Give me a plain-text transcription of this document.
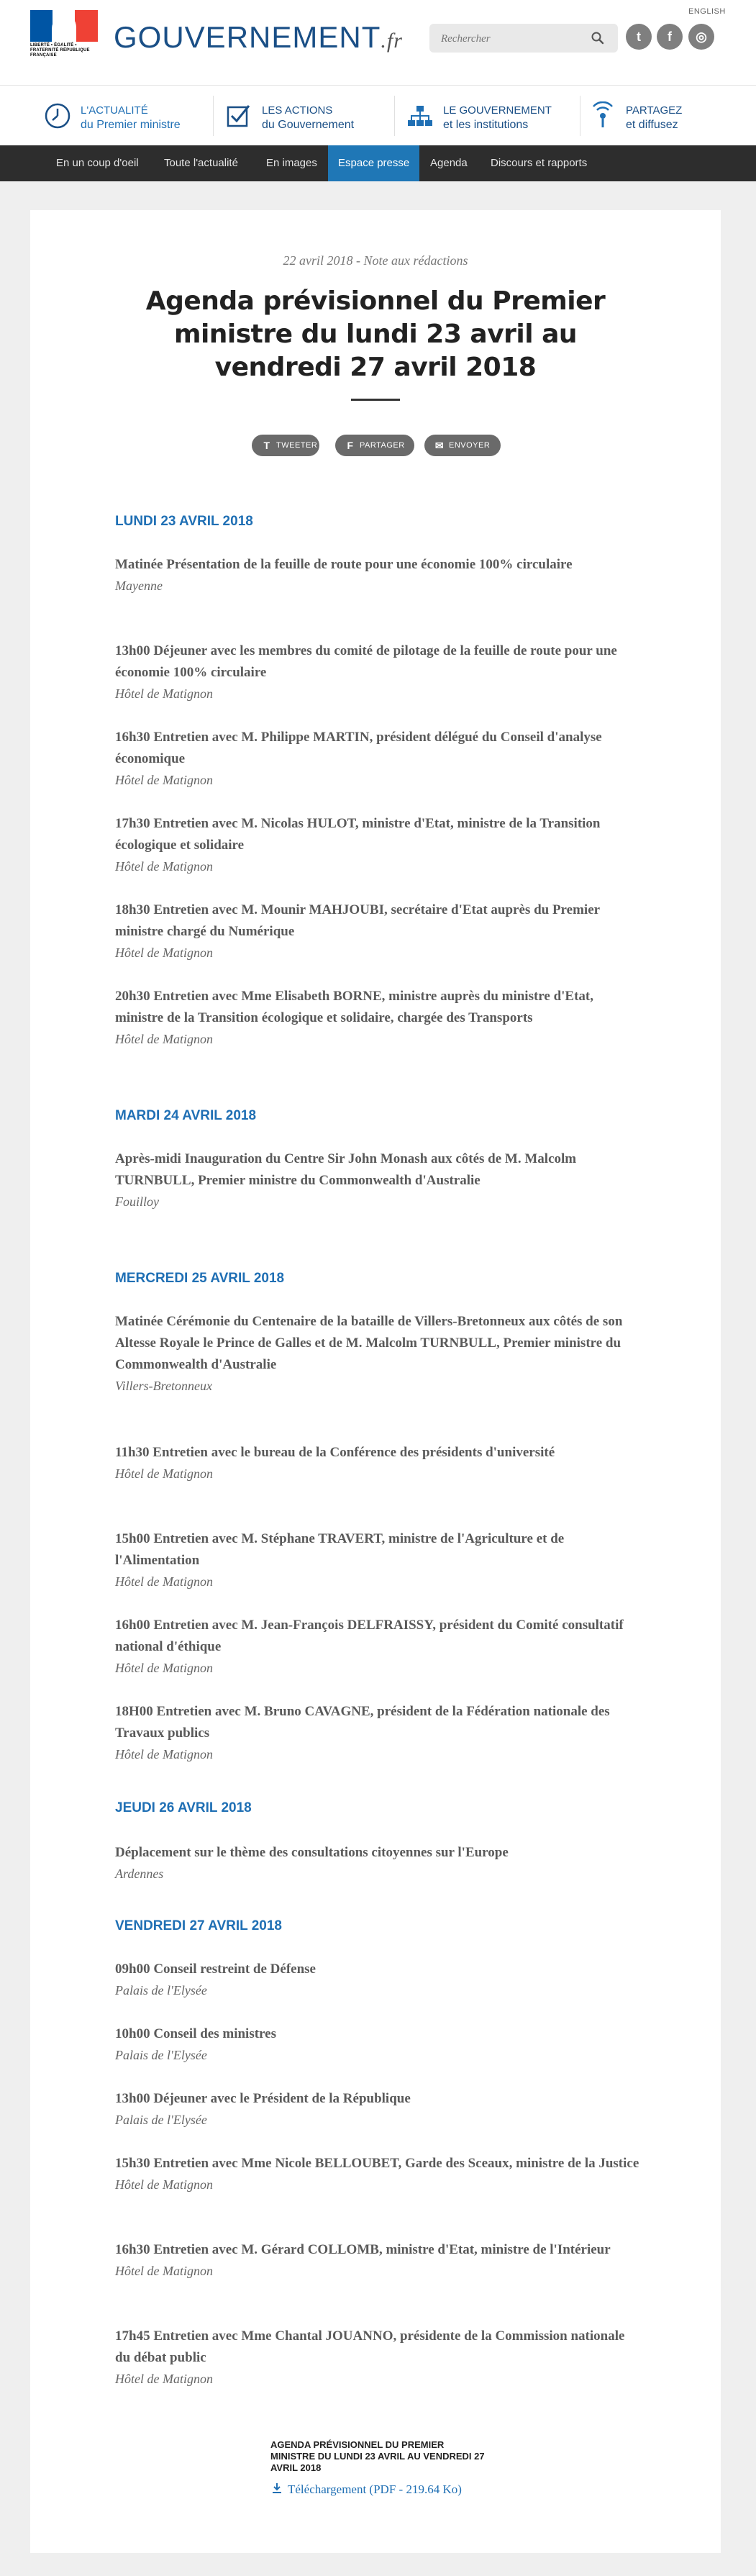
LIBERTÉ • ÉGALITÉ • FRATERNITÉ RÉPUBLIQUE FRANÇAISE
GOUVERNEMENT.fr
ENGLISH
Rechercher
t	f	◎
L'ACTUALITÉ
du Premier ministre
LES ACTIONS
du Gouvernement
LE GOUVERNEMENT
et les institutions
PARTAGEZ
et diffusez
En un coup d'oeil	Toute l'actualité	En images	Espace presse	Agenda	Discours et rapports
22 avril 2018 - Note aux rédactions
Agenda prévisionnel du Premier ministre du lundi 23 avril au vendredi 27 avril 2018
T TWEETER	F PARTAGER	✉ ENVOYER
LUNDI 23 AVRIL 2018
Matinée Présentation de la feuille de route pour une économie 100% circulaire
Mayenne
13h00 Déjeuner avec les membres du comité de pilotage de la feuille de route pour une économie 100% circulaire
Hôtel de Matignon
16h30 Entretien avec M. Philippe MARTIN, président délégué du Conseil d'analyse économique
Hôtel de Matignon
17h30 Entretien avec M. Nicolas HULOT, ministre d'Etat, ministre de la Transition écologique et solidaire
Hôtel de Matignon
18h30 Entretien avec M. Mounir MAHJOUBI, secrétaire d'Etat auprès du Premier ministre chargé du Numérique
Hôtel de Matignon
20h30 Entretien avec Mme Elisabeth BORNE, ministre auprès du ministre d'Etat, ministre de la Transition écologique et solidaire, chargée des Transports
Hôtel de Matignon
MARDI 24 AVRIL 2018
Après-midi Inauguration du Centre Sir John Monash aux côtés de M. Malcolm TURNBULL, Premier ministre du Commonwealth d'Australie
Fouilloy
MERCREDI 25 AVRIL 2018
Matinée Cérémonie du Centenaire de la bataille de Villers-Bretonneux aux côtés de son Altesse Royale le Prince de Galles et de M. Malcolm TURNBULL, Premier ministre du Commonwealth d'Australie
Villers-Bretonneux
11h30 Entretien avec le bureau de la Conférence des présidents d'université
Hôtel de Matignon
15h00 Entretien avec M. Stéphane TRAVERT, ministre de l'Agriculture et de l'Alimentation
Hôtel de Matignon
16h00 Entretien avec M. Jean-François DELFRAISSY, président du Comité consultatif national d'éthique
Hôtel de Matignon
18H00 Entretien avec M. Bruno CAVAGNE, président de la Fédération nationale des Travaux publics
Hôtel de Matignon
JEUDI 26 AVRIL 2018
Déplacement sur le thème des consultations citoyennes sur l'Europe
Ardennes
VENDREDI 27 AVRIL 2018
09h00 Conseil restreint de Défense
Palais de l'Elysée
10h00 Conseil des ministres
Palais de l'Elysée
13h00 Déjeuner avec le Président de la République
Palais de l'Elysée
15h30 Entretien avec Mme Nicole BELLOUBET, Garde des Sceaux, ministre de la Justice
Hôtel de Matignon
16h30 Entretien avec M. Gérard COLLOMB, ministre d'Etat, ministre de l'Intérieur
Hôtel de Matignon
17h45 Entretien avec Mme Chantal JOUANNO, présidente de la Commission nationale du débat public
Hôtel de Matignon
AGENDA PRÉVISIONNEL DU PREMIER MINISTRE DU LUNDI 23 AVRIL AU VENDREDI 27 AVRIL 2018
Téléchargement (PDF - 219.64 Ko)
